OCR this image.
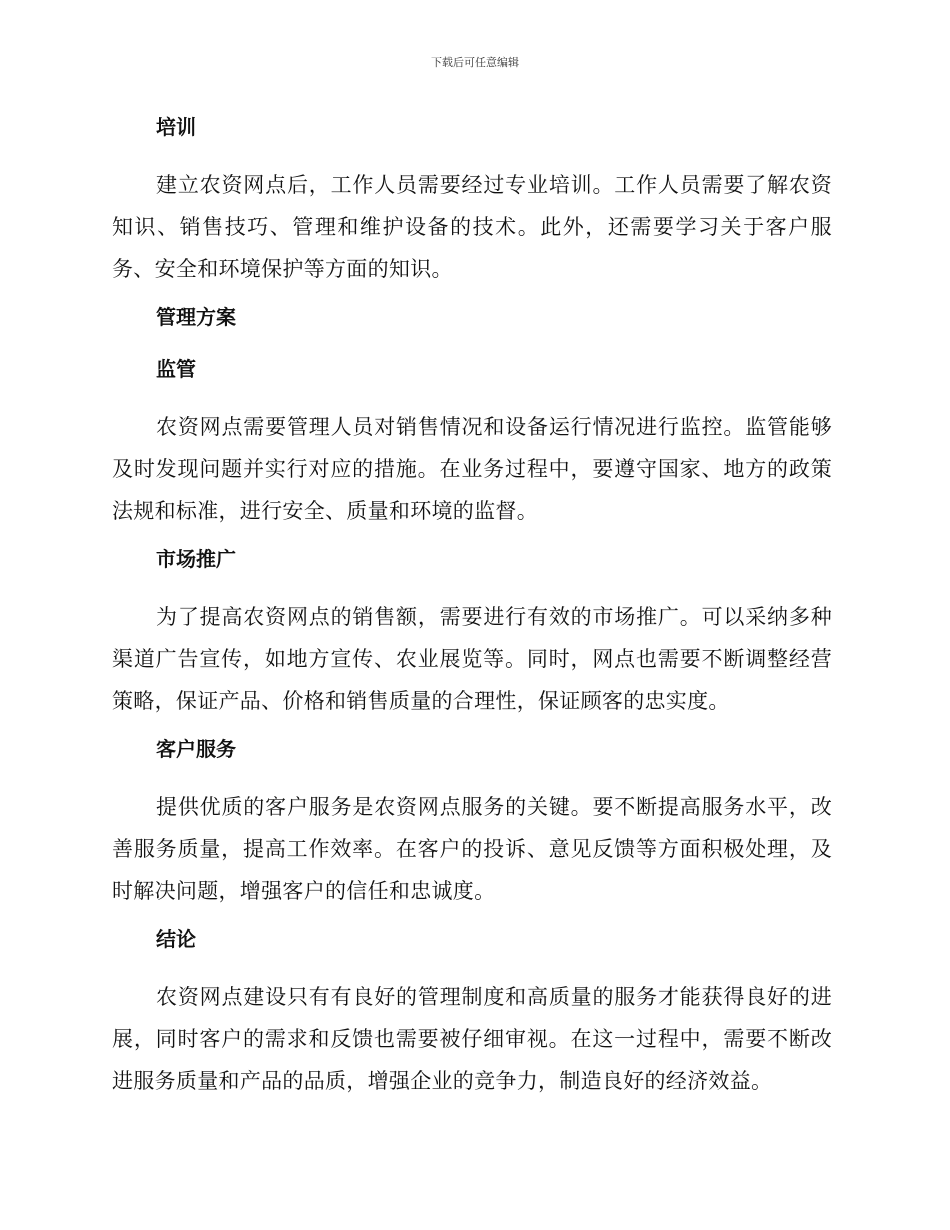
下载后可任意编辑
培训

建立农资网点后，工作人员需要经过专业培训。工作人员需要了解农资知识、销售技巧、管理和维护设备的技术。此外，还需要学习关于客户服务、安全和环境保护等方面的知识。

管理方案
监管

农资网点需要管理人员对销售情况和设备运行情况进行监控。监管能够及时发现问题并实行对应的措施。在业务过程中，要遵守国家、地方的政策法规和标准，进行安全、质量和环境的监督。

市场推广

为了提高农资网点的销售额，需要进行有效的市场推广。可以采纳多种渠道广告宣传，如地方宣传、农业展览等。同时，网点也需要不断调整经营策略，保证产品、价格和销售质量的合理性，保证顾客的忠实度。

客户服务

提供优质的客户服务是农资网点服务的关键。要不断提高服务水平，改善服务质量，提高工作效率。在客户的投诉、意见反馈等方面积极处理，及时解决问题，增强客户的信任和忠诚度。

结论

农资网点建设只有有良好的管理制度和高质量的服务才能获得良好的进展，同时客户的需求和反馈也需要被仔细审视。在这一过程中，需要不断改进服务质量和产品的品质，增强企业的竞争力，制造良好的经济效益。
